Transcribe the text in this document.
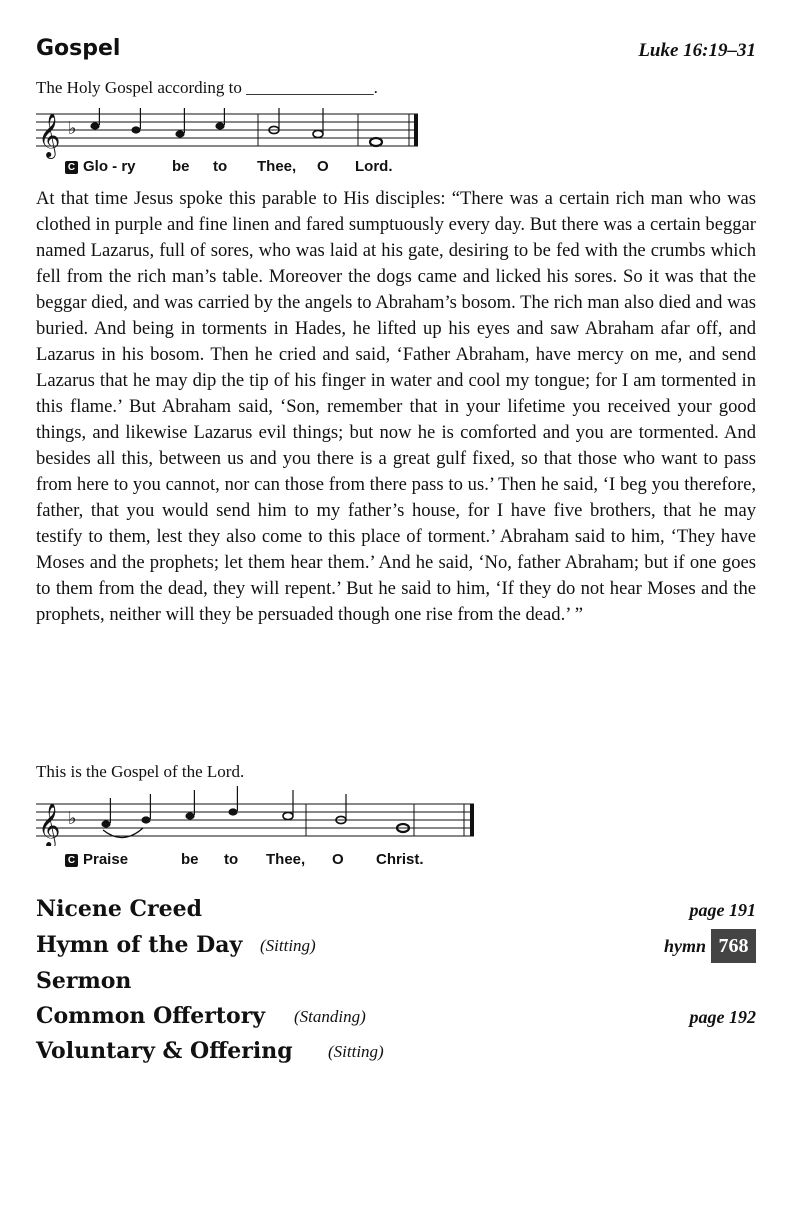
Gospel	Luke 16:19–31
The Holy Gospel according to _______________.
𝄞 ♭
C Glo - ry be to Thee, O Lord.

At that time Jesus spoke this parable to His disciples: “There was a certain rich man who was clothed in purple and fine linen and fared sumptuously every day. But there was a certain beggar named Lazarus, full of sores, who was laid at his gate, desiring to be fed with the crumbs which fell from the rich man’s table. Moreover the dogs came and licked his sores. So it was that the beggar died, and was carried by the angels to Abraham’s bosom. The rich man also died and was buried. And being in torments in Hades, he lifted up his eyes and saw Abraham afar off, and Lazarus in his bosom. Then he cried and said, ‘Father Abraham, have mercy on me, and send Lazarus that he may dip the tip of his finger in water and cool my tongue; for I am tormented in this flame.’ But Abraham said, ‘Son, remember that in your lifetime you received your good things, and likewise Lazarus evil things; but now he is comforted and you are tormented. And besides all this, between us and you there is a great gulf fixed, so that those who want to pass from here to you cannot, nor can those from there pass to us.’ Then he said, ‘I beg you therefore, father, that you would send him to my father’s house, for I have five brothers, that he may testify to them, lest they also come to this place of torment.’ Abraham said to him, ‘They have Moses and the prophets; let them hear them.’ And he said, ‘No, father Abraham; but if one goes to them from the dead, they will repent.’ But he said to him, ‘If they do not hear Moses and the prophets, neither will they be persuaded though one rise from the dead.’ ”

This is the Gospel of the Lord.
𝄞 ♭
C Praise	be to Thee, O Christ.
Nicene Creed	page 191
Hymn of the Day (Sitting)	hymn 768
Sermon
Common Offertory (Standing)	page 192
Voluntary & Offering (Sitting)
